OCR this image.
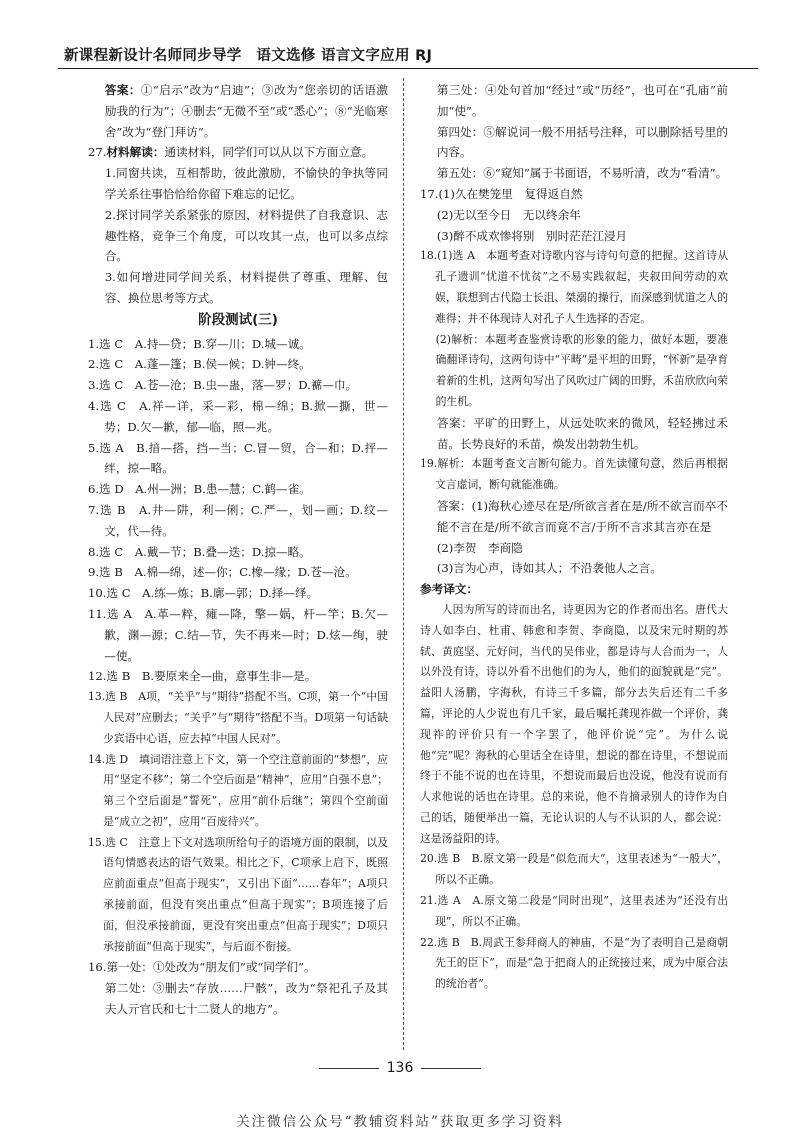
新课程新设计名师同步导学　语文选修 语言文字应用 RJ

答案：①“启示”改为“启迪”；③改为“您亲切的话语激励我的行为”；④删去“无微不至”或“悉心”；⑧“光临寒舍”改为“登门拜访”。

27.材料解读：通读材料，同学们可以从以下方面立意。

1.同窗共读，互相帮助，彼此激励，不愉快的争执等同学关系往事恰恰给你留下难忘的记忆。

2.探讨同学关系紧张的原因，材料提供了自我意识、志趣性格，竞争三个角度，可以攻其一点，也可以多点综合。

3.如何增进同学间关系，材料提供了尊重、理解、包容、换位思考等方式。

阶段测试(三)

1.选 C　A.持—贷；B.穿—川；D.城—诚。

2.选 C　A.蓬—篷；B.侯—候；D.钟—终。

3.选 C　A.苍—沧；B.虫—蛊，落—罗；D.褯—巾。

4.选 C　A.祥—详，采—彩，棉—绵；B.掀—撕，世—势；D.欠—歉，郁—临，照—兆。

5.选 A　B.揞—搭，挡—当；C.冒—贸，合—和；D.抨—绊，掠—略。

6.选 D　A.州—洲；B.患—慧；C.鹤—雀。

7.选 B　A.井—阱，利—俐；C.严—，划—画；D.纹—文，代—待。

8.选 C　A.戴—节；B.叠—迭；D.掠—略。

9.选 B　A.棉—绵，述—你；C.橡—缘；D.苍—沧。

10.选 C　A.练—炼；B.廓—郭；D.择—绎。

11.选 A　A.革—粹，瘫—降，擎—娲，杆—竿；B.欠—歉，渊—源；C.结—节，失不再来—时；D.炫—绚，驶—使。

12.选 B　B.要原来全—曲，意事生非—是。

13.选 B　A项，“关乎”与“期待”搭配不当。C项，第一个“中国人民对”应删去；“关乎”与“期待”搭配不当。D项第一句话缺少宾语中心语，应去掉“中国人民对”。

14.选 D　填词语注意上下文，第一个空注意前面的“梦想”，应用“坚定不移”；第二个空后面是“精神”，应用“自强不息”；第三个空后面是“誓死”，应用“前仆后继”；第四个空前面是“成立之初”，应用“百废待兴”。

15.选 C　注意上下文对选项所给句子的语境方面的限制，以及语句情感表达的语气效果。相比之下，C项承上启下，既照应前面重点“但高于现实”，又引出下面“……春年”；A项只承接前面，但没有突出重点“但高于现实”；B项连接了后面，但没承接前面，更没有突出重点“但高于现实”；D项只承接前面“但高于现实”，与后面不衔接。

16.第一处：①处改为“朋友们”或“同学们”。

第二处：③删去“存放……尸骸”，改为“祭祀孔子及其夫人亓官氏和七十二贤人的地方”。

第三处：④处句首加“经过”或“历经”，也可在“孔庙”前加“使”。

第四处：⑤解说词一般不用括号注释，可以删除括号里的内容。

第五处：⑥“窥知”属于书面语，不易听清，改为“看清”。

17.(1)久在樊笼里　复得返自然

(2)无以至今日　无以终余年

(3)醉不成欢惨将别　别时茫茫江浸月

18.(1)选 A　本题考查对诗歌内容与诗句句意的把握。这首诗从孔子遗训“忧道不忧贫”之不易实践叙起，夹叙田间劳动的欢娱，联想到古代隐士长沮、桀溺的操行，而深感到忧道之人的难得；并不体现诗人对孔子人生选择的否定。

(2)解析：本题考查鉴赏诗歌的形象的能力，做好本题，要准确翻译诗句，这两句诗中“平畴”是平坦的田野，“怀新”是孕育着新的生机，这两句写出了风吹过广阔的田野，禾苗欣欣向荣的生机。

答案：平旷的田野上，从远处吹来的微风，轻轻拂过禾苗。长势良好的禾苗，焕发出勃勃生机。

19.解析：本题考查文言断句能力。首先读懂句意，然后再根据文言虚词，断句就能准确。

答案：(1)海秋心迹尽在是/所欲言者在是/所不欲言而卒不能不言在是/所不欲言而竟不言/于所不言求其言亦在是

(2)李贺　李商隐

(3)言为心声，诗如其人；不沿袭他人之言。

参考译文：

人因为所写的诗而出名，诗更因为它的作者而出名。唐代大诗人如李白、杜甫、韩愈和李贺、李商隐，以及宋元时期的苏轼、黄庭坚、元好问，当代的吴伟业，都是诗与人合而为一，人以外没有诗，诗以外看不出他们的为人，他们的面貌就是“完”。益阳人汤鹏，字海秋，有诗三千多篇，部分去失后还有二千多篇，评论的人少说也有几千家，最后嘱托龚现祚做一个评价，龚现祚的评价只有一个字罢了，他评价说“完”。为什么说他“完”呢？海秋的心里话全在诗里，想说的都在诗里，不想说而终于不能不说的也在诗里，不想说而最后也没说，他没有说而有人求他说的话也在诗里。总的来说，他不肯摘录别人的诗作为自己的话，随便举出一篇，无论认识的人与不认识的人，都会说：这是汤益阳的诗。

20.选 B　B.原文第一段是“似危而大”，这里表述为“一般大”，所以不正确。

21.选 A　A.原文第二段是“同时出现”，这里表述为“还没有出现”，所以不正确。

22.选 B　B.周武王参拜商人的神庙，不是“为了表明自己是商朝先王的臣下”，而是“急于把商人的正统接过来，成为中原合法的统治者”。

136
关注微信公众号“教辅资料站”获取更多学习资料
